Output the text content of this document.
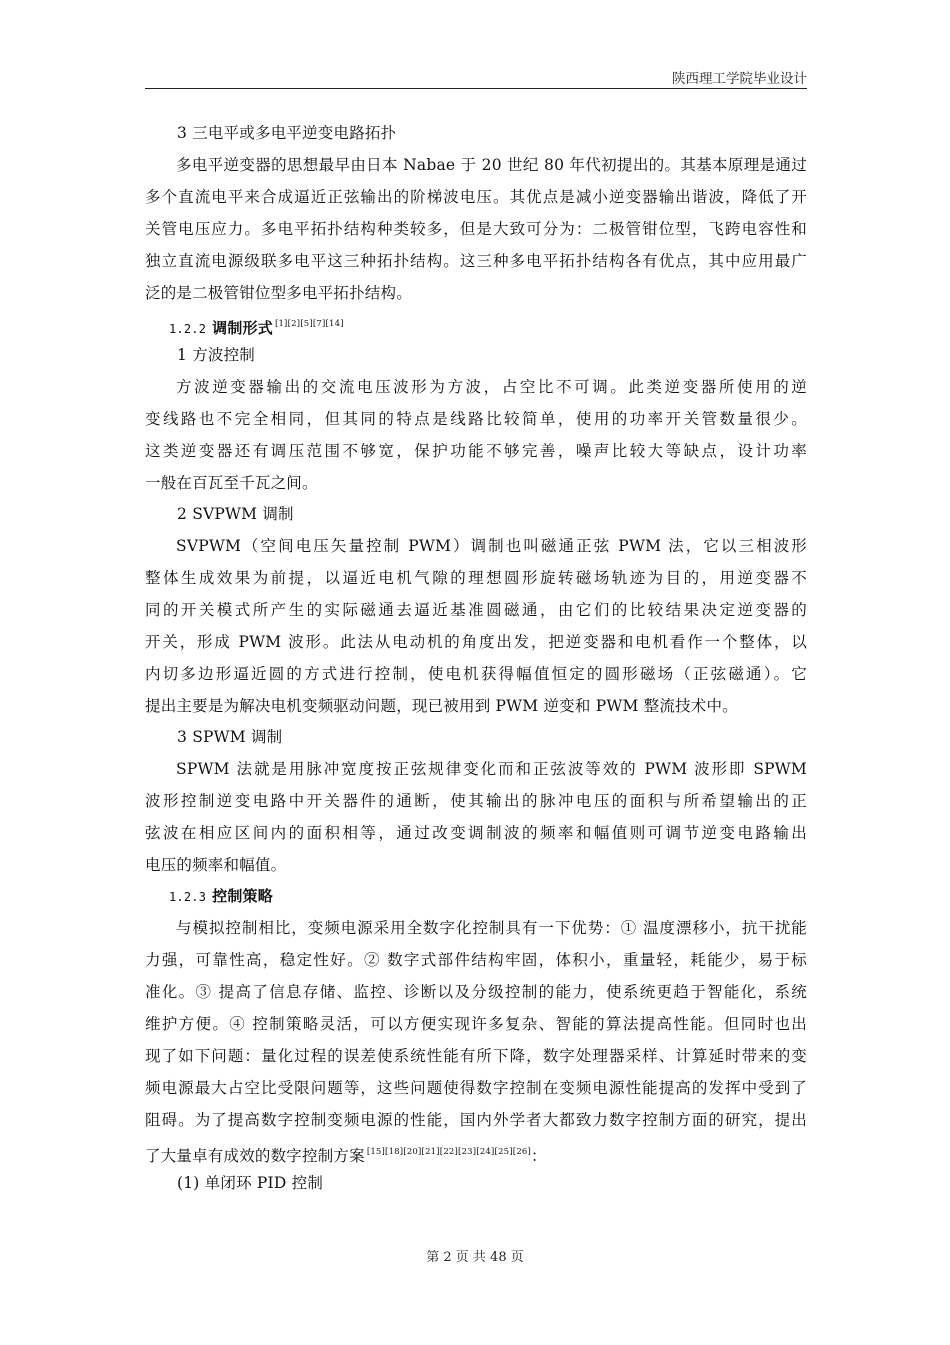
陕西理工学院毕业设计
3 三电平或多电平逆变电路拓扑
多电平逆变器的思想最早由日本 Nabae 于 20 世纪 80 年代初提出的。其基本原理是通过
多个直流电平来合成逼近正弦输出的阶梯波电压。其优点是减小逆变器输出谐波，降低了开
关管电压应力。多电平拓扑结构种类较多，但是大致可分为：二极管钳位型，飞跨电容性和
独立直流电源级联多电平这三种拓扑结构。这三种多电平拓扑结构各有优点，其中应用最广
泛的是二极管钳位型多电平拓扑结构。
1.2.2 调制形式 [1][2][5][7][14]
1 方波控制
方波逆变器输出的交流电压波形为方波，占空比不可调。此类逆变器所使用的逆
变线路也不完全相同，但其同的特点是线路比较简单，使用的功率开关管数量很少。
这类逆变器还有调压范围不够宽，保护功能不够完善，噪声比较大等缺点，设计功率
一般在百瓦至千瓦之间。
2 SVPWM 调制
SVPWM（空间电压矢量控制 PWM）调制也叫磁通正弦 PWM 法，它以三相波形
整体生成效果为前提，以逼近电机气隙的理想圆形旋转磁场轨迹为目的，用逆变器不
同的开关模式所产生的实际磁通去逼近基准圆磁通，由它们的比较结果决定逆变器的
开关，形成 PWM 波形。此法从电动机的角度出发，把逆变器和电机看作一个整体，以
内切多边形逼近圆的方式进行控制，使电机获得幅值恒定的圆形磁场（正弦磁通）。它
提出主要是为解决电机变频驱动问题，现已被用到 PWM 逆变和 PWM 整流技术中。
3 SPWM 调制
SPWM 法就是用脉冲宽度按正弦规律变化而和正弦波等效的 PWM 波形即 SPWM
波形控制逆变电路中开关器件的通断，使其输出的脉冲电压的面积与所希望输出的正
弦波在相应区间内的面积相等，通过改变调制波的频率和幅值则可调节逆变电路输出
电压的频率和幅值。
1.2.3 控制策略
与模拟控制相比，变频电源采用全数字化控制具有一下优势：① 温度漂移小，抗干扰能
力强，可靠性高，稳定性好。② 数字式部件结构牢固，体积小，重量轻，耗能少，易于标
准化。③ 提高了信息存储、监控、诊断以及分级控制的能力，使系统更趋于智能化，系统
维护方便。④ 控制策略灵活，可以方便实现许多复杂、智能的算法提高性能。但同时也出
现了如下问题：量化过程的误差使系统性能有所下降，数字处理器采样、计算延时带来的变
频电源最大占空比受限问题等，这些问题使得数字控制在变频电源性能提高的发挥中受到了
阻碍。为了提高数字控制变频电源的性能，国内外学者大都致力数字控制方面的研究，提出
了大量卓有成效的数字控制方案 [15][18][20][21][22][23][24][25][26]：
(1) 单闭环 PID 控制
第 2 页 共 48 页
